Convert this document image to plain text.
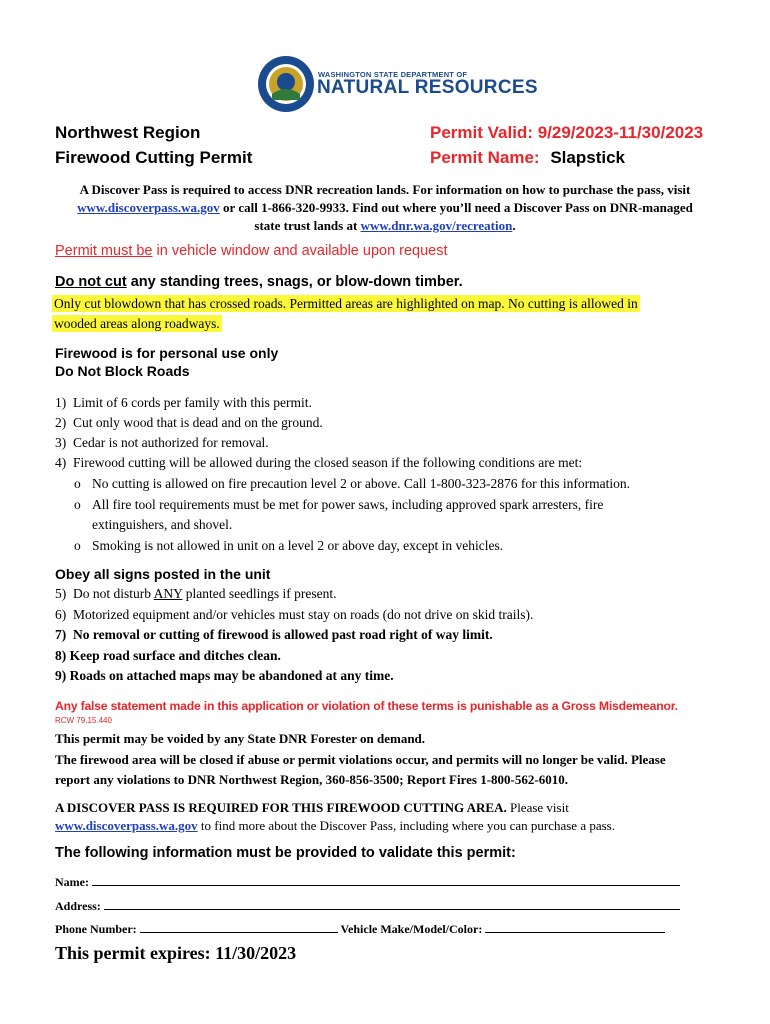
WASHINGTON STATE DEPARTMENT OF
NATURAL RESOURCES
Northwest Region
Firewood Cutting Permit
Permit Valid: 9/29/2023-11/30/2023
Permit Name: Slapstick
A Discover Pass is required to access DNR recreation lands. For information on how to purchase the pass, visit
www.discoverpass.wa.gov or call 1-866-320-9933. Find out where you’ll need a Discover Pass on DNR-managed
state trust lands at www.dnr.wa.gov/recreation.
Permit must be in vehicle window and available upon request
Do not cut any standing trees, snags, or blow-down timber.
Only cut blowdown that has crossed roads. Permitted areas are highlighted on map. No cutting is allowed in
wooded areas along roadways.
Firewood is for personal use only
Do Not Block Roads
1) Limit of 6 cords per family with this permit.
2) Cut only wood that is dead and on the ground.
3) Cedar is not authorized for removal.
4) Firewood cutting will be allowed during the closed season if the following conditions are met:
o No cutting is allowed on fire precaution level 2 or above. Call 1-800-323-2876 for this information.
o All fire tool requirements must be met for power saws, including approved spark arresters, fire
extinguishers, and shovel.
o Smoking is not allowed in unit on a level 2 or above day, except in vehicles.
Obey all signs posted in the unit
5) Do not disturb ANY planted seedlings if present.
6) Motorized equipment and/or vehicles must stay on roads (do not drive on skid trails).
7) No removal or cutting of firewood is allowed past road right of way limit.
8) Keep road surface and ditches clean.
9) Roads on attached maps may be abandoned at any time.
Any false statement made in this application or violation of these terms is punishable as a Gross Misdemeanor.
RCW 79.15.440
This permit may be voided by any State DNR Forester on demand.
The firewood area will be closed if abuse or permit violations occur, and permits will no longer be valid. Please
report any violations to DNR Northwest Region, 360-856-3500; Report Fires 1-800-562-6010.
A DISCOVER PASS IS REQUIRED FOR THIS FIREWOOD CUTTING AREA. Please visit
www.discoverpass.wa.gov to find more about the Discover Pass, including where you can purchase a pass.
The following information must be provided to validate this permit:
Name:
Address:
Phone Number:	Vehicle Make/Model/Color:
This permit expires: 11/30/2023
